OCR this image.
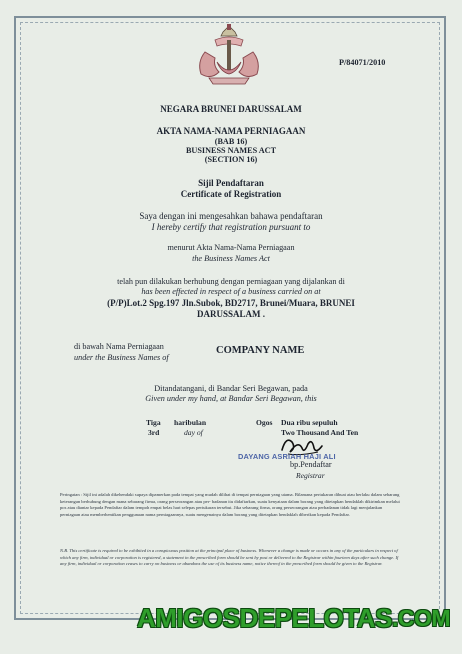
P/84071/2010
NEGARA BRUNEI DARUSSALAM
AKTA NAMA-NAMA PERNIAGAAN
(BAB 16)
BUSINESS NAMES ACT
(SECTION 16)
Sijil Pendaftaran
Certificate of Registration
Saya dengan ini mengesahkan bahawa pendaftaran
I hereby certify that registration pursuant to
menurut Akta Nama-Nama Perniagaan
the Business Names Act
telah pun dilakukan berhubung dengan perniagaan yang dijalankan di
has been effected in respect of a business carried on at
(P/P)Lot.2 Spg.197 Jln.Subok, BD2717, Brunei/Muara, BRUNEI
DARUSSALAM .
di bawah Nama Perniagaan
under the Business Names of
COMPANY NAME
Ditandatangani, di Bandar Seri Begawan, pada
Given under my hand, at Bandar Seri Begawan, this
Tiga
3rd
haribulan
day of
Ogos Dua ribu sepuluh
Two Thousand And Ten
DAYANG ASRIAH HAJI ALI
bp.Pendaftar
Registrar
Peringatan : Sijil ini adalah dikehendaki supaya dipamerkan pada tempat yang mudah dilihat di tempat perniagaan yang utama. Bilamana pertukaran dibuat atau berlaku dalam sebarang keterangan berhubung dengan mana sebarang firma, orang perseorangan atau per- badanan itu didaftarkan, suatu kenyataan dalam borang yang ditetapkan hendaklah dikirimkan melalui pos atau diantar kepada Pendaftar dalam tempoh empat belas hari selepas pertukaran tersebut. Jika sebarang firma, orang perseorangan atau perbadanan tidak lagi menjalankan perniagaan atau memberhentikan penggunaan nama perniagaannya, suatu mengenainya dalam borang yang ditetapkan hendaklah diberikan kepada Pendaftar.
N.B. This certificate is required to be exhibited in a conspicuous position at the principal place of business. Whenever a change is made or occurs in any of the particulars in respect of which any firm, individual or corporation is registered, a statement in the prescribed form should be sent by post or delivered to the Registrar within fourteen days after such change. If any firm, individual or corporation ceases to carry on business or abandons the use of its business name, notice thereof in the prescribed form should be given to the Registrar.
AMIGOSDEPELOTAS .COM
